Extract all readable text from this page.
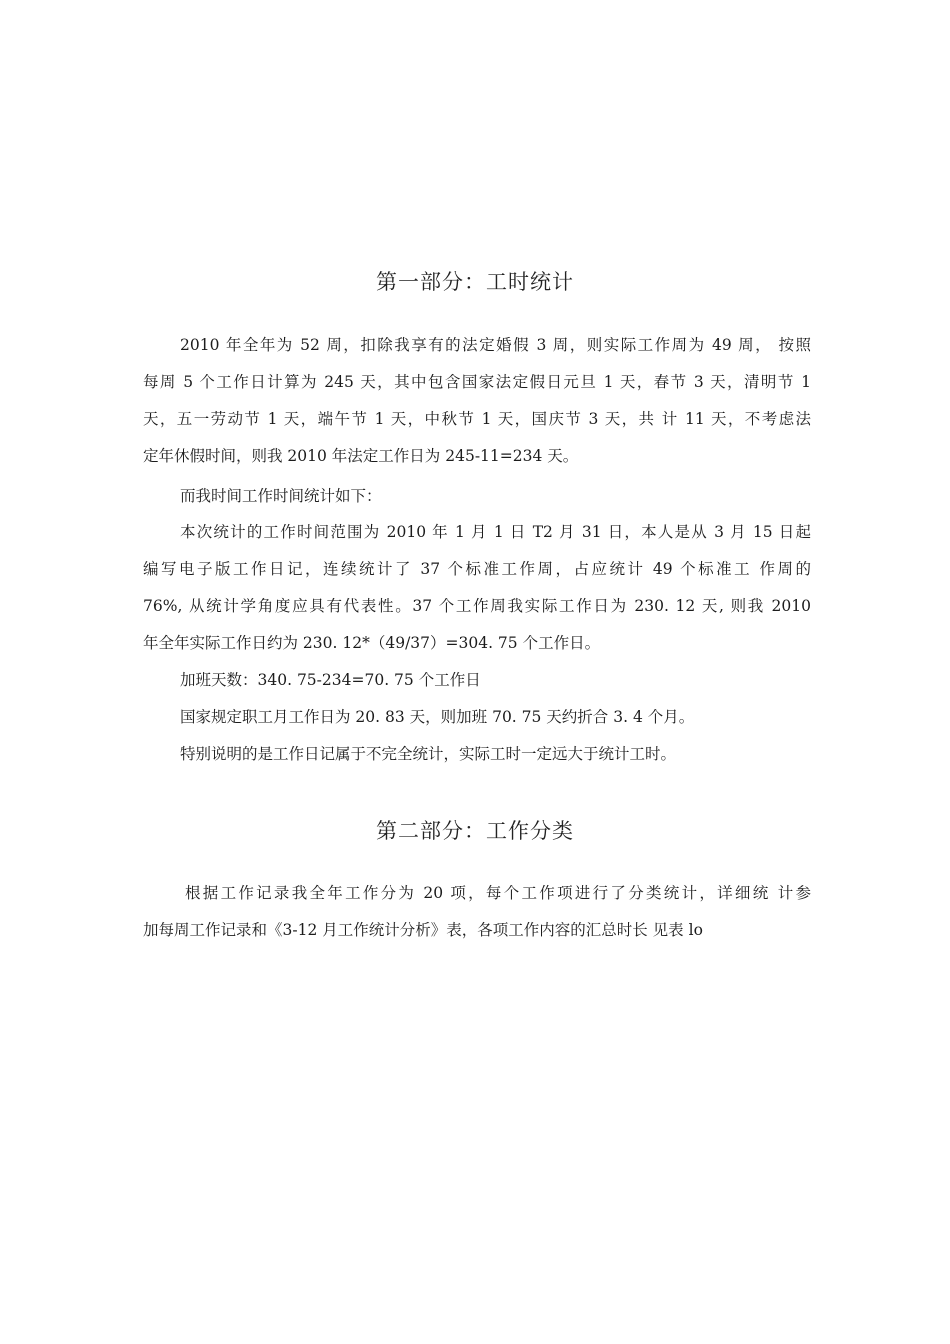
第一部分：工时统计
2010 年全年为 52 周，扣除我享有的法定婚假 3 周，则实际工作周为 49 周， 按照
每周 5 个工作日计算为 245 天，其中包含国家法定假日元旦 1 天，春节 3 天，清明节 1
天，五一劳动节 1 天，端午节 1 天，中秋节 1 天，国庆节 3 天，共 计 11 天，不考虑法
定年休假时间，则我 2010 年法定工作日为 245-11=234 天。
而我时间工作时间统计如下：
本次统计的工作时间范围为 2010 年 1 月 1 日 T2 月 31 日，本人是从 3 月 15 日起
编写电子版工作日记，连续统计了 37 个标准工作周，占应统计 49 个标准工 作周的
76%, 从统计学角度应具有代表性。37 个工作周我实际工作日为 230. 12 天, 则我 2010
年全年实际工作日约为 230. 12*（49/37）=304. 75 个工作日。
加班天数：340. 75-234=70. 75 个工作日
国家规定职工月工作日为 20. 83 天，则加班 70. 75 天约折合 3. 4 个月。
特别说明的是工作日记属于不完全统计，实际工时一定远大于统计工时。
第二部分：工作分类
根据工作记录我全年工作分为 20 项，每个工作项进行了分类统计，详细统 计参
加每周工作记录和《3-12 月工作统计分析》表，各项工作内容的汇总时长 见表 lo
